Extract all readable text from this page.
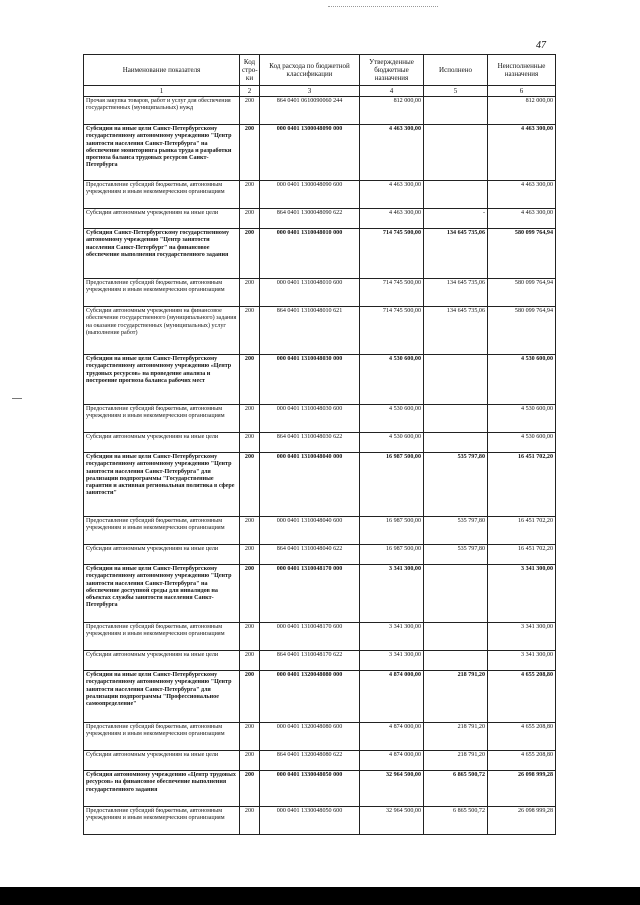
47
Наименование показателя	Код стро-ки	Код расхода по бюджетной классификации	Утвержденные бюджетные назначения	Исполнено	Неисполненные назначения
1	2	3	4	5	6
Прочая закупка товаров, работ и услуг для обеспечения государственных (муниципальных) нужд	200	864 0401 0610090060 244	812 000,00		812 000,00
Субсидии на иные цели Санкт-Петербургскому государственному автономному учреждению "Центр занятости населения Санкт-Петербурга" на обеспечение мониторинга рынка труда и разработки прогноза баланса трудовых ресурсов Санкт-Петербурга	200	000 0401 1300048090 000	4 463 300,00		4 463 300,00
Предоставление субсидий бюджетным, автономным учреждениям и иным некоммерческим организациям	200	000 0401 1300048090 600	4 463 300,00		4 463 300,00
Субсидии автономным учреждениям на иные цели	200	864 0401 1300048090 622	4 463 300,00	-	4 463 300,00
Субсидия Санкт-Петербургскому государственному автономному учреждению "Центр занятости населения Санкт-Петербург" на финансовое обеспечение выполнения государственного задания	200	000 0401 1310048010 000	714 745 500,00	134 645 735,06	580 099 764,94
Предоставление субсидий бюджетным, автономным учреждениям и иным некоммерческим организациям	200	000 0401 1310048010 600	714 745 500,00	134 645 735,06	580 099 764,94
Субсидии автономным учреждениям на финансовое обеспечение государственного (муниципального) задания на оказание государственных (муниципальных) услуг (выполнение работ)	200	864 0401 1310048010 621	714 745 500,00	134 645 735,06	580 099 764,94
Субсидии на иные цели Санкт-Петербургскому государственному автономному учреждению «Центр трудовых ресурсов» на проведение анализа и построение прогноза баланса рабочих мест	200	000 0401 1310048030 000	4 530 600,00		4 530 600,00
Предоставление субсидий бюджетным, автономным учреждениям и иным некоммерческим организациям	200	000 0401 1310048030 600	4 530 600,00		4 530 600,00
Субсидии автономным учреждениям на иные цели	200	864 0401 1310048030 622	4 530 600,00		4 530 600,00
Субсидии на иные цели Санкт-Петербургскому государственному автономному учреждению "Центр занятости населения Санкт-Петербурга" для реализации подпрограммы "Государственные гарантии и активная региональная политика в сфере занятости"	200	000 0401 1310048040 000	16 987 500,00	535 797,80	16 451 702,20
Предоставление субсидий бюджетным, автономным учреждениям и иным некоммерческим организациям	200	000 0401 1310048040 600	16 987 500,00	535 797,80	16 451 702,20
Субсидии автономным учреждениям на иные цели	200	864 0401 1310048040 622	16 987 500,00	535 797,80	16 451 702,20
Субсидии на иные цели Санкт-Петербургскому государственному автономному учреждению "Центр занятости населения Санкт-Петербурга" на обеспечение доступной среды для инвалидов на объектах службы занятости населения Санкт-Петербурга	200	000 0401 1310048170 000	3 341 300,00		3 341 300,00
Предоставление субсидий бюджетным, автономным учреждениям и иным некоммерческим организациям	200	000 0401 1310048170 600	3 341 300,00		3 341 300,00
Субсидии автономным учреждениям на иные цели	200	864 0401 1310048170 622	3 341 300,00		3 341 300,00
Субсидии на иные цели Санкт-Петербургскому государственному автономному учреждению "Центр занятости населения Санкт-Петербурга" для реализации подпрограммы "Профессиональное самоопределение"	200	000 0401 1320048080 000	4 874 000,00	218 791,20	4 655 208,80
Предоставление субсидий бюджетным, автономным учреждениям и иным некоммерческим организациям	200	000 0401 1320048080 600	4 874 000,00	218 791,20	4 655 208,80
Субсидии автономным учреждениям на иные цели	200	864 0401 1320048080 622	4 874 000,00	218 791,20	4 655 208,80
Субсидия автономному учреждению «Центр трудовых ресурсов» на финансовое обеспечение выполнения государственного задания	200	000 0401 1330048050 000	32 964 500,00	6 865 500,72	26 098 999,28
Предоставление субсидий бюджетным, автономным учреждениям и иным некоммерческим организациям	200	000 0401 1330048050 600	32 964 500,00	6 865 500,72	26 098 999,28
